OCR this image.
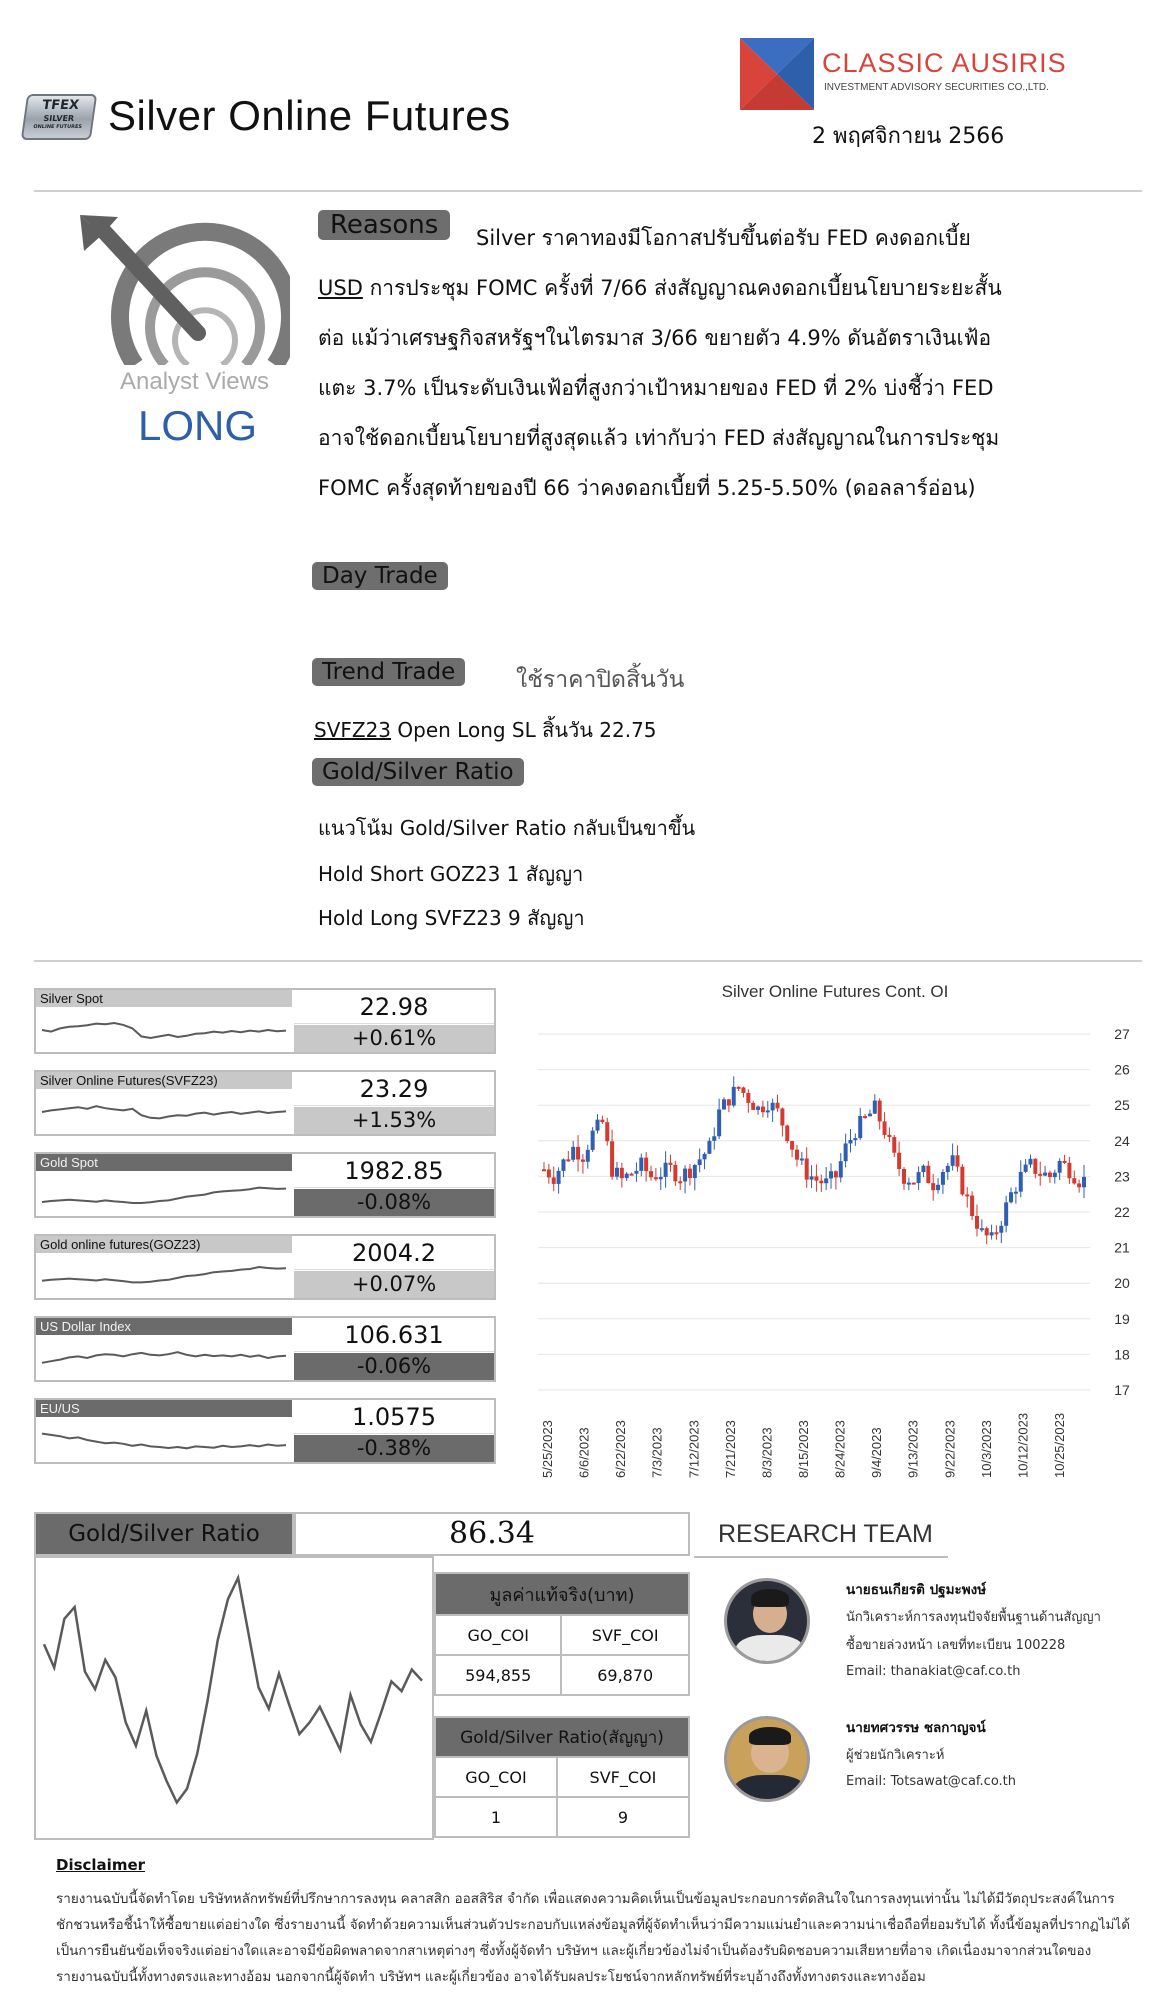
TFEX
SILVER
ONLINE FUTURES Silver Online Futures
CLASSIC AUSIRIS
INVESTMENT ADVISORY SECURITIES CO.,LTD.
2 พฤศจิกายน 2566
Analyst Views
LONG
Reasons	Silver ราคาทองมีโอกาสปรับขึ้นต่อรับ FED คงดอกเบี้ย
USD การประชุม FOMC ครั้งที่ 7/66 ส่งสัญญาณคงดอกเบี้ยนโยบายระยะสั้น
ต่อ แม้ว่าเศรษฐกิจสหรัฐฯในไตรมาส 3/66 ขยายตัว 4.9% ดันอัตราเงินเฟ้อ
แตะ 3.7% เป็นระดับเงินเฟ้อที่สูงกว่าเป้าหมายของ FED ที่ 2% บ่งชี้ว่า FED
อาจใช้ดอกเบี้ยนโยบายที่สูงสุดแล้ว เท่ากับว่า FED ส่งสัญญาณในการประชุม
FOMC ครั้งสุดท้ายของปี 66 ว่าคงดอกเบี้ยที่ 5.25-5.50% (ดอลลาร์อ่อน)
Day Trade
Trend Trade	ใช้ราคาปิดสิ้นวัน
SVFZ23 Open Long SL สิ้นวัน 22.75
Gold/Silver Ratio
แนวโน้ม Gold/Silver Ratio กลับเป็นขาขึ้น
Hold Short GOZ23 1 สัญญา
Hold Long SVFZ23 9 สัญญา
Silver Spot	22.98
+0.61%
Silver Online Futures(SVFZ23)	23.29
+1.53%
Gold Spot	1982.85
-0.08%
Gold online futures(GOZ23)	2004.2
+0.07%
US Dollar Index	106.631
-0.06%
EU/US	1.0575
-0.38%
Silver Online Futures Cont. OI
27
26
25
24
23
22
21
20
19
18
17
5/25/2023 6/6/2023 6/22/2023 7/3/2023 7/12/2023 7/21/2023 8/3/2023 8/15/2023 8/24/2023 9/4/2023 9/13/2023 9/22/2023 10/3/2023 10/12/2023 10/25/2023
Gold/Silver Ratio	86.34
มูลค่าแท้จริง(บาท)	
GO_COI	SVF_COI
594,855	69,870
Gold/Silver Ratio(สัญญา)	
GO_COI	SVF_COI
1	9
RESEARCH TEAM
นายธนเกียรติ ปฐมะพงษ์
นักวิเคราะห์การลงทุนปัจจัยพื้นฐานด้านสัญญา
ซื้อขายล่วงหน้า เลขที่ทะเบียน 100228
Email: thanakiat@caf.co.th
นายทศวรรษ ชลกาญจน์
ผู้ช่วยนักวิเคราะห์
Email: Totsawat@caf.co.th
Disclaimer
รายงานฉบับนี้จัดทำโดย บริษัทหลักทรัพย์ที่ปรึกษาการลงทุน คลาสสิก ออสสิริส จำกัด เพื่อแสดงความคิดเห็นเป็นข้อมูลประกอบการตัดสินใจในการลงทุนเท่านั้น ไม่ได้มีวัตถุประสงค์ในการชักชวนหรือชี้นำให้ซื้อขายแต่อย่างใด ซึ่งรายงานนี้ จัดทำด้วยความเห็นส่วนตัวประกอบกับแหล่งข้อมูลที่ผู้จัดทำเห็นว่ามีความแม่นยำและความน่าเชื่อถือที่ยอมรับได้ ทั้งนี้ข้อมูลที่ปรากฏไม่ได้เป็นการยืนยันข้อเท็จจริงแต่อย่างใดและอาจมีข้อผิดพลาดจากสาเหตุต่างๆ ซึ่งทั้งผู้จัดทำ บริษัทฯ และผู้เกี่ยวข้องไม่จำเป็นต้องรับผิดชอบความเสียหายที่อาจ เกิดเนื่องมาจากส่วนใดของรายงานฉบับนี้ทั้งทางตรงและทางอ้อม นอกจากนี้ผู้จัดทำ บริษัทฯ และผู้เกี่ยวข้อง อาจได้รับผลประโยชน์จากหลักทรัพย์ที่ระบุอ้างถึงทั้งทางตรงและทางอ้อม
